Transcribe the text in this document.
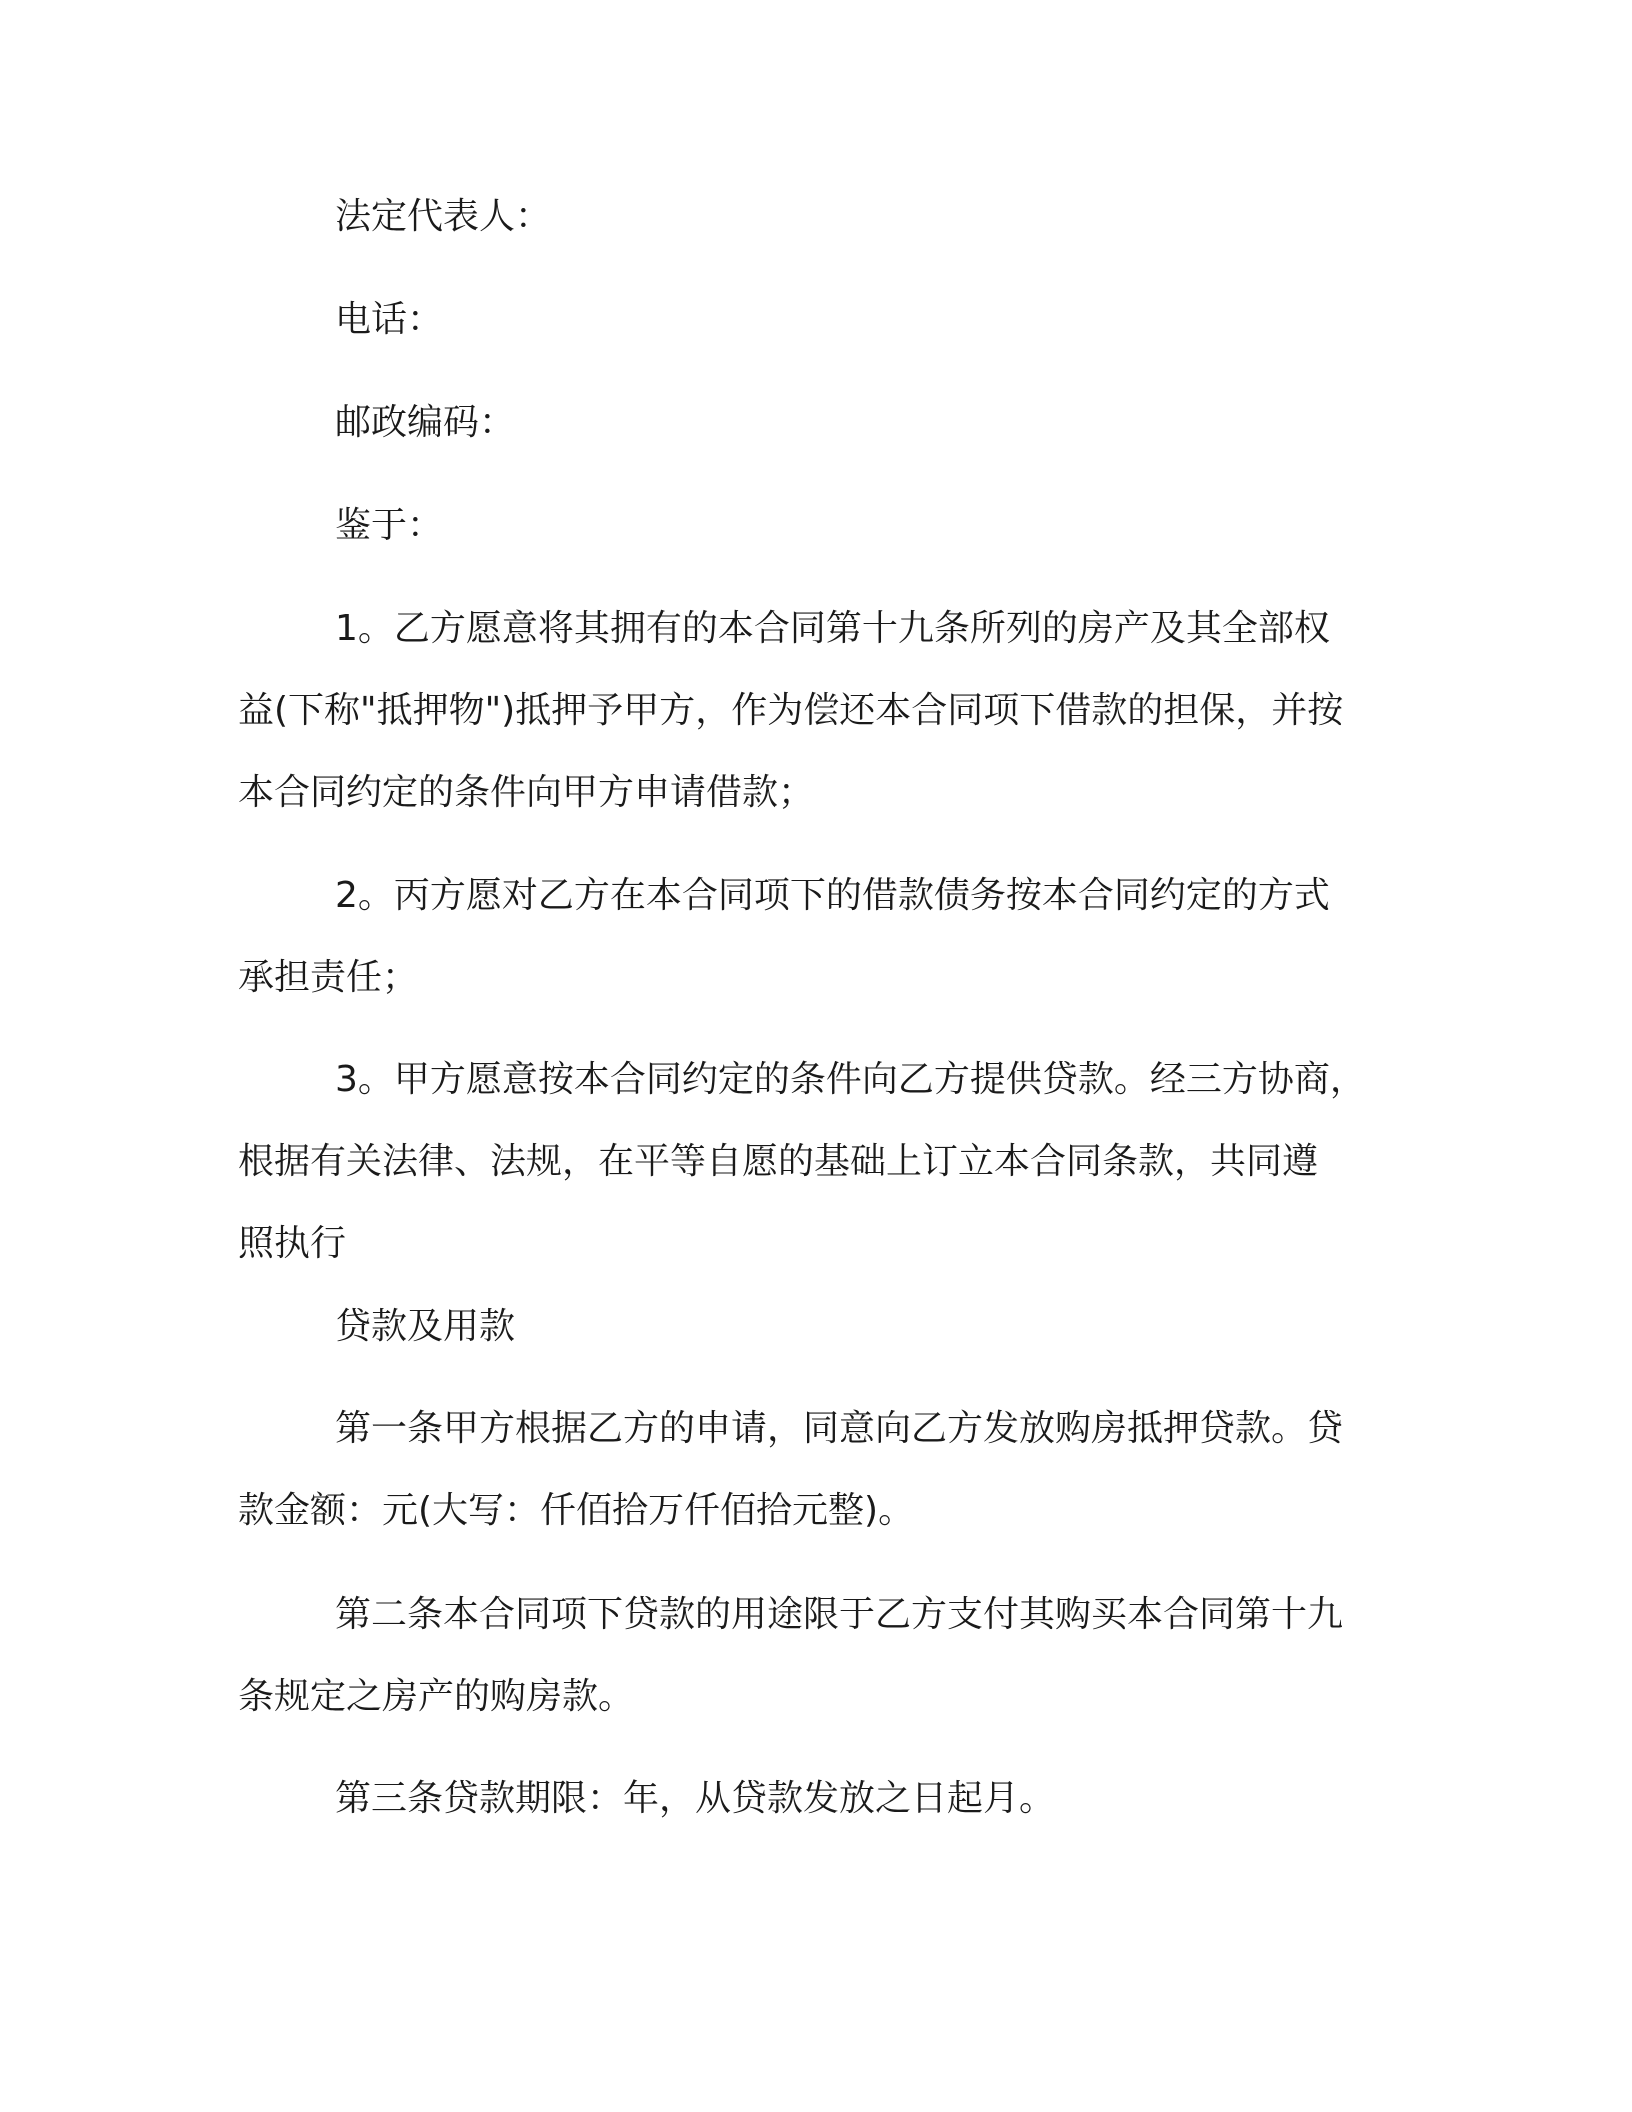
法定代表人：

电话：

邮政编码：

鉴于：

1。乙方愿意将其拥有的本合同第十九条所列的房产及其全部权
益(下称"抵押物")抵押予甲方，作为偿还本合同项下借款的担保，并按
本合同约定的条件向甲方申请借款；

2。丙方愿对乙方在本合同项下的借款债务按本合同约定的方式
承担责任；

3。甲方愿意按本合同约定的条件向乙方提供贷款。经三方协商，
根据有关法律、法规，在平等自愿的基础上订立本合同条款，共同遵
照执行

贷款及用款

第一条甲方根据乙方的申请，同意向乙方发放购房抵押贷款。贷
款金额：元(大写：仟佰拾万仟佰拾元整)。

第二条本合同项下贷款的用途限于乙方支付其购买本合同第十九
条规定之房产的购房款。

第三条贷款期限：年，从贷款发放之日起月。
